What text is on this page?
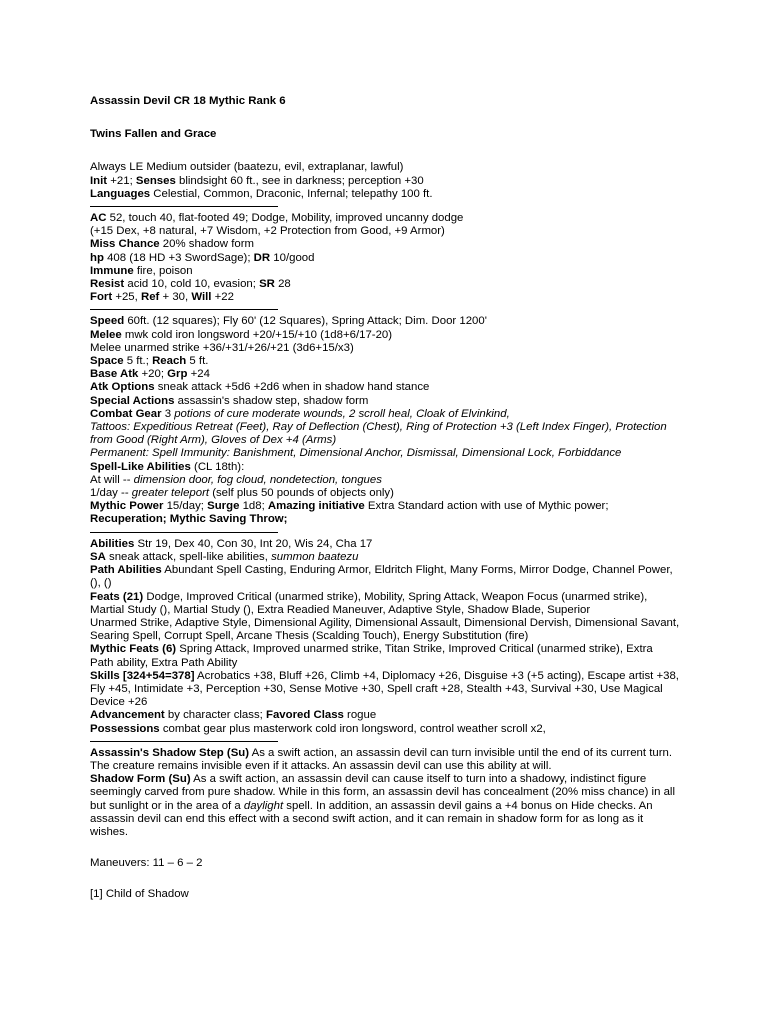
Assassin Devil CR 18 Mythic Rank 6
Twins Fallen and Grace
Always LE Medium outsider (baatezu, evil, extraplanar, lawful)
Init +21; Senses blindsight 60 ft., see in darkness; perception +30
Languages Celestial, Common, Draconic, Infernal; telepathy 100 ft.
AC 52, touch 40, flat-footed 49; Dodge, Mobility, improved uncanny dodge
(+15 Dex, +8 natural, +7 Wisdom, +2 Protection from Good, +9 Armor)
Miss Chance 20% shadow form
hp 408 (18 HD +3 SwordSage); DR 10/good
Immune fire, poison
Resist acid 10, cold 10, evasion; SR 28
Fort +25, Ref + 30, Will +22
Speed 60ft. (12 squares); Fly 60' (12 Squares), Spring Attack; Dim. Door 1200'
Melee mwk cold iron longsword +20/+15/+10 (1d8+6/17-20)
Melee unarmed strike +36/+31/+26/+21 (3d6+15/x3)
Space 5 ft.; Reach 5 ft.
Base Atk +20; Grp +24
Atk Options sneak attack +5d6 +2d6 when in shadow hand stance
Special Actions assassin's shadow step, shadow form
Combat Gear 3 potions of cure moderate wounds, 2 scroll heal, Cloak of Elvinkind,
Tattoos: Expeditious Retreat (Feet), Ray of Deflection (Chest), Ring of Protection +3 (Left Index Finger), Protection
from Good (Right Arm), Gloves of Dex +4 (Arms)
Permanent: Spell Immunity: Banishment, Dimensional Anchor, Dismissal, Dimensional Lock, Forbiddance
Spell-Like Abilities (CL 18th):
At will -- dimension door, fog cloud, nondetection, tongues
1/day -- greater teleport (self plus 50 pounds of objects only)
Mythic Power 15/day; Surge 1d8; Amazing initiative Extra Standard action with use of Mythic power;
Recuperation; Mythic Saving Throw;
Abilities Str 19, Dex 40, Con 30, Int 20, Wis 24, Cha 17
SA sneak attack, spell-like abilities, summon baatezu
Path Abilities Abundant Spell Casting, Enduring Armor, Eldritch Flight, Many Forms, Mirror Dodge, Channel Power,
(), ()
Feats (21) Dodge, Improved Critical (unarmed strike), Mobility, Spring Attack, Weapon Focus (unarmed strike),
Martial Study (), Martial Study (), Extra Readied Maneuver, Adaptive Style, Shadow Blade, Superior
Unarmed Strike, Adaptive Style, Dimensional Agility, Dimensional Assault, Dimensional Dervish, Dimensional Savant,
Searing Spell, Corrupt Spell, Arcane Thesis (Scalding Touch), Energy Substitution (fire)
Mythic Feats (6) Spring Attack, Improved unarmed strike, Titan Strike, Improved Critical (unarmed strike), Extra
Path ability, Extra Path Ability
Skills [324+54=378] Acrobatics +38, Bluff +26, Climb +4, Diplomacy +26, Disguise +3 (+5 acting), Escape artist +38,
Fly +45, Intimidate +3, Perception +30, Sense Motive +30, Spell craft +28, Stealth +43, Survival +30, Use Magical
Device +26
Advancement by character class; Favored Class rogue
Possessions combat gear plus masterwork cold iron longsword, control weather scroll x2,
Assassin's Shadow Step (Su) As a swift action, an assassin devil can turn invisible until the end of its current turn.
The creature remains invisible even if it attacks. An assassin devil can use this ability at will.
Shadow Form (Su) As a swift action, an assassin devil can cause itself to turn into a shadowy, indistinct figure
seemingly carved from pure shadow. While in this form, an assassin devil has concealment (20% miss chance) in all
but sunlight or in the area of a daylight spell. In addition, an assassin devil gains a +4 bonus on Hide checks. An
assassin devil can end this effect with a second swift action, and it can remain in shadow form for as long as it
wishes.
Maneuvers: 11 – 6 – 2
[1] Child of Shadow
